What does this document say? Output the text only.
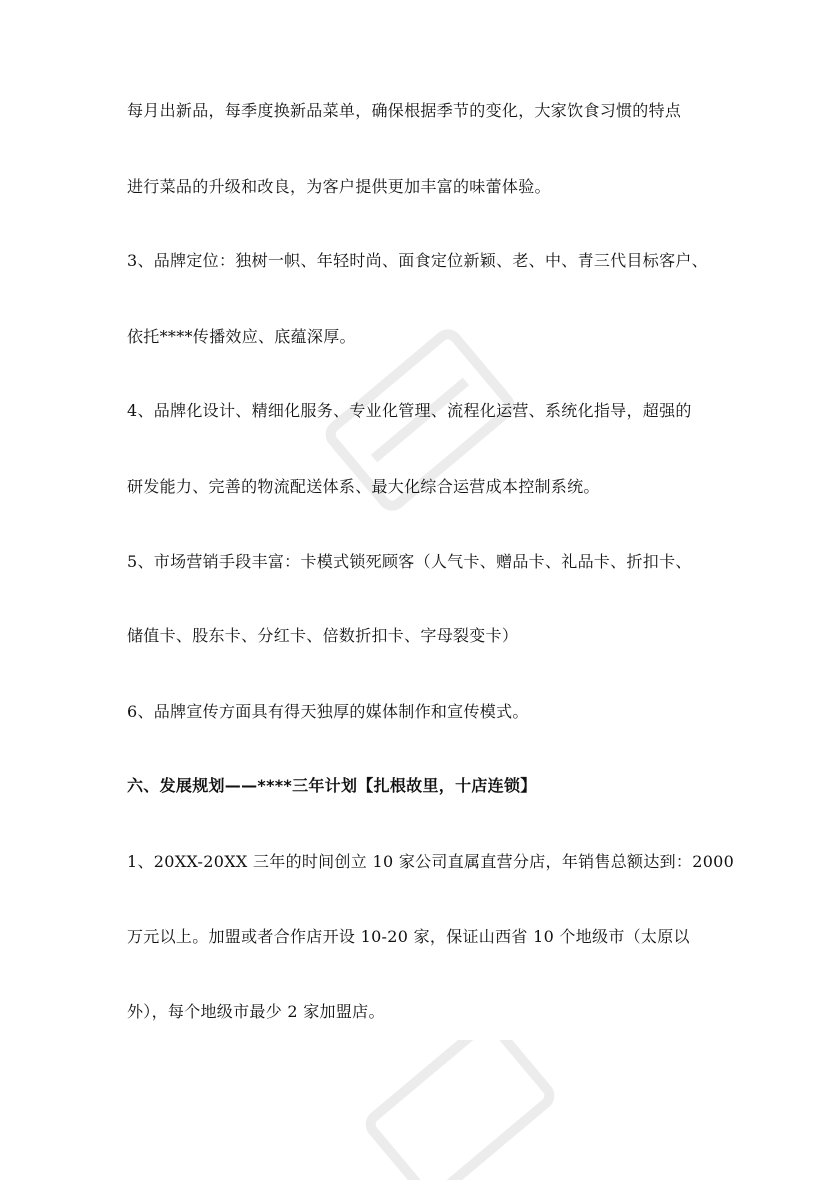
每月出新品，每季度换新品菜单，确保根据季节的变化，大家饮食习惯的特点
进行菜品的升级和改良，为客户提供更加丰富的味蕾体验。
3、品牌定位：独树一帜、年轻时尚、面食定位新颖、老、中、青三代目标客户、
依托****传播效应、底蕴深厚。
4、品牌化设计、精细化服务、专业化管理、流程化运营、系统化指导，超强的
研发能力、完善的物流配送体系、最大化综合运营成本控制系统。
5、市场营销手段丰富：卡模式锁死顾客（人气卡、赠品卡、礼品卡、折扣卡、
储值卡、股东卡、分红卡、倍数折扣卡、字母裂变卡）
6、品牌宣传方面具有得天独厚的媒体制作和宣传模式。
六、发展规划——****三年计划【扎根故里，十店连锁】
1、20XX-20XX 三年的时间创立 10 家公司直属直营分店，年销售总额达到：2000
万元以上。加盟或者合作店开设 10-20 家，保证山西省 10 个地级市（太原以
外），每个地级市最少 2 家加盟店。
